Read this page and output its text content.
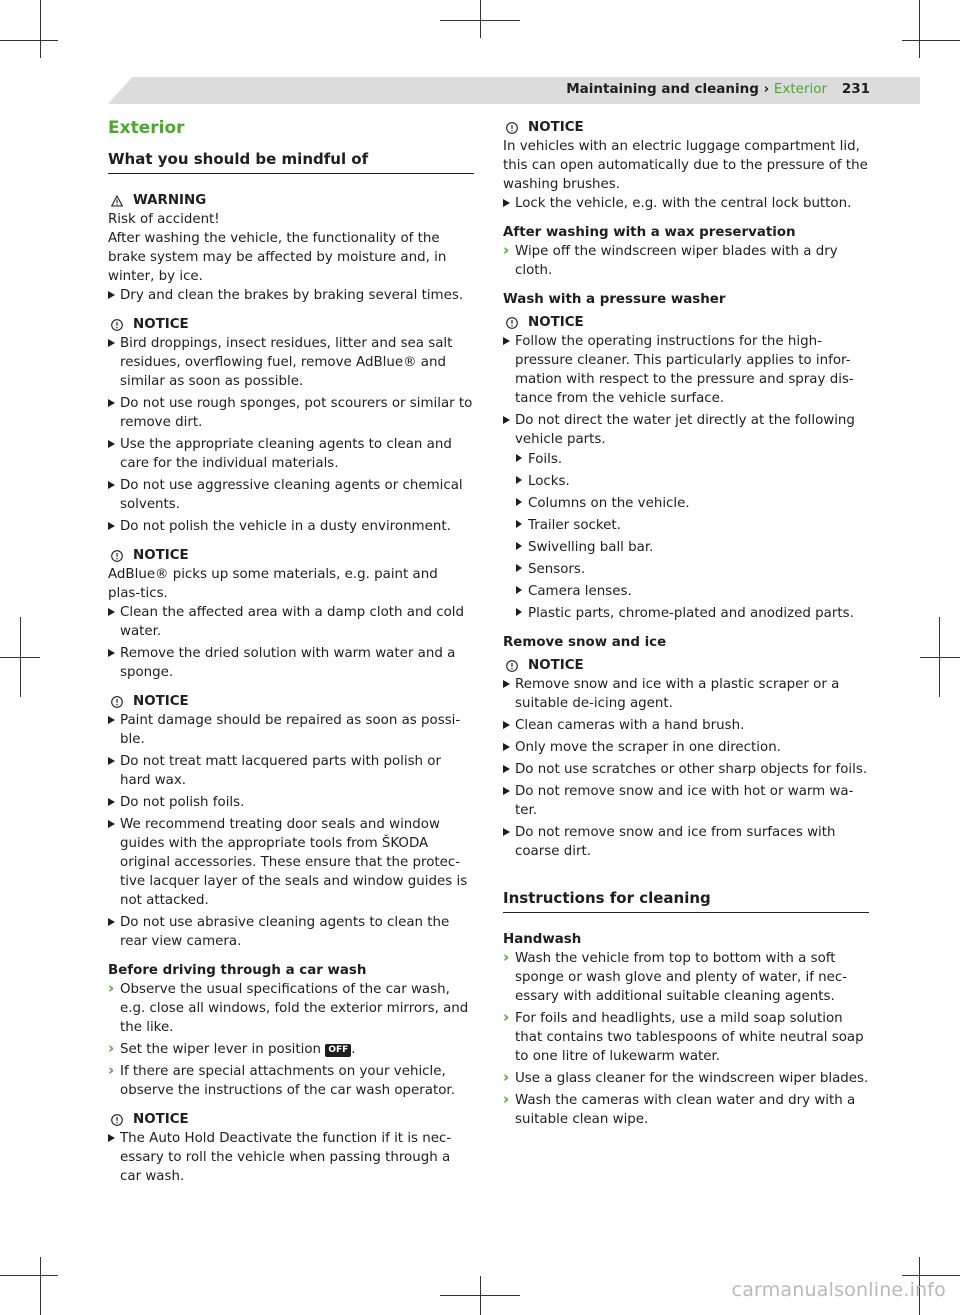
Maintaining and cleaning › Exterior 231
Exterior
What you should be mindful of
WARNING

Risk of accident!

After washing the vehicle, the functionality of the brake system may be affected by moisture and, in winter, by ice.

Dry and clean the brakes by braking several times.
NOTICE
Bird droppings, insect residues, litter and sea salt residues, overflowing fuel, remove AdBlue® and similar as soon as possible.
Do not use rough sponges, pot scourers or similar to remove dirt.
Use the appropriate cleaning agents to clean and care for the individual materials.
Do not use aggressive cleaning agents or chemical solvents.
Do not polish the vehicle in a dusty environment.
NOTICE

AdBlue® picks up some materials, e.g. paint and plas-tics.

Clean the affected area with a damp cloth and cold water.
Remove the dried solution with warm water and a sponge.
NOTICE
Paint damage should be repaired as soon as possi-ble.
Do not treat matt lacquered parts with polish or hard wax.
Do not polish foils.
We recommend treating door seals and window guides with the appropriate tools from ŠKODA original accessories. These ensure that the protec-tive lacquer layer of the seals and window guides is not attacked.
Do not use abrasive cleaning agents to clean the rear view camera.
Before driving through a car wash
› Observe the usual specifications of the car wash, e.g. close all windows, fold the exterior mirrors, and the like.
› Set the wiper lever in position OFF .
› If there are special attachments on your vehicle, observe the instructions of the car wash operator.
NOTICE
The Auto Hold Deactivate the function if it is nec-essary to roll the vehicle when passing through a car wash.
NOTICE

In vehicles with an electric luggage compartment lid, this can open automatically due to the pressure of the washing brushes.

Lock the vehicle, e.g. with the central lock button.
After washing with a wax preservation
› Wipe off the windscreen wiper blades with a dry cloth.
Wash with a pressure washer
NOTICE
Follow the operating instructions for the high-pressure cleaner. This particularly applies to infor-mation with respect to the pressure and spray dis-tance from the vehicle surface.
Do not direct the water jet directly at the following vehicle parts.
Foils.
Locks.
Columns on the vehicle.
Trailer socket.
Swivelling ball bar.
Sensors.
Camera lenses.
Plastic parts, chrome-plated and anodized parts.
Remove snow and ice
NOTICE
Remove snow and ice with a plastic scraper or a suitable de-icing agent.
Clean cameras with a hand brush.
Only move the scraper in one direction.
Do not use scratches or other sharp objects for foils.
Do not remove snow and ice with hot or warm wa-ter.
Do not remove snow and ice from surfaces with coarse dirt.
Instructions for cleaning
Handwash
› Wash the vehicle from top to bottom with a soft sponge or wash glove and plenty of water, if nec-essary with additional suitable cleaning agents.
› For foils and headlights, use a mild soap solution that contains two tablespoons of white neutral soap to one litre of lukewarm water.
› Use a glass cleaner for the windscreen wiper blades.
› Wash the cameras with clean water and dry with a suitable clean wipe.
carmanualsonline.info
